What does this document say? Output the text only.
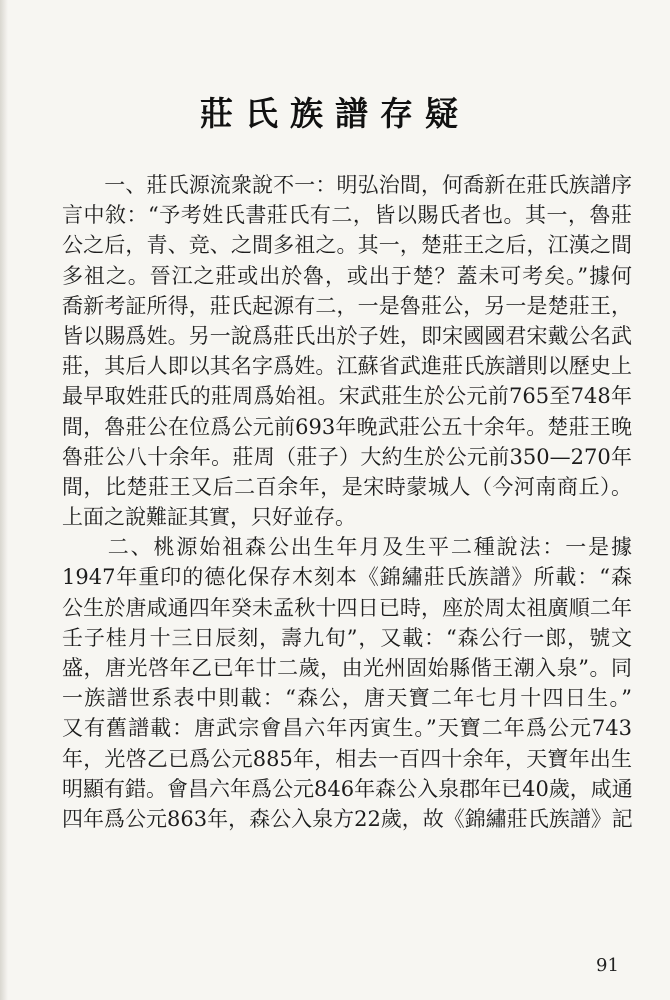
莊氏族譜存疑
　　一、莊氏源流衆說不一：明弘治間，何喬新在莊氏族譜序
言中敘：“予考姓氏書莊氏有二，皆以賜氏者也。其一，魯莊
公之后，青、竞、之間多祖之。其一，楚莊王之后，江漢之間
多祖之。晉江之莊或出於魯，或出于楚？蓋未可考矣。”據何
喬新考証所得，莊氏起源有二，一是魯莊公，另一是楚莊王，
皆以賜爲姓。另一說爲莊氏出於子姓，即宋國國君宋戴公名武
莊，其后人即以其名字爲姓。江蘇省武進莊氏族譜則以歷史上
最早取姓莊氏的莊周爲始祖。宋武莊生於公元前765至748年
間，魯莊公在位爲公元前693年晚武莊公五十余年。楚莊王晚
魯莊公八十余年。莊周（莊子）大約生於公元前350—270年
間，比楚莊王又后二百余年，是宋時蒙城人（今河南商丘）。
上面之說難証其實，只好並存。
　　二、桃源始祖森公出生年月及生平二種說法：一是據
1947年重印的德化保存木刻本《錦繡莊氏族譜》所載：“森
公生於唐咸通四年癸未孟秋十四日已時，座於周太祖廣順二年
壬子桂月十三日辰刻，壽九旬”，又載：“森公行一郎，號文
盛，唐光啓年乙已年廿二歲，由光州固始縣偕王潮入泉”。同
一族譜世系表中則載：“森公，唐天寶二年七月十四日生。”
又有舊譜載：唐武宗會昌六年丙寅生。”天寶二年爲公元743
年，光啓乙已爲公元885年，相去一百四十余年，天寶年出生
明顯有錯。會昌六年爲公元846年森公入泉郡年已40歲，咸通
四年爲公元863年，森公入泉方22歲，故《錦繡莊氏族譜》記
91
